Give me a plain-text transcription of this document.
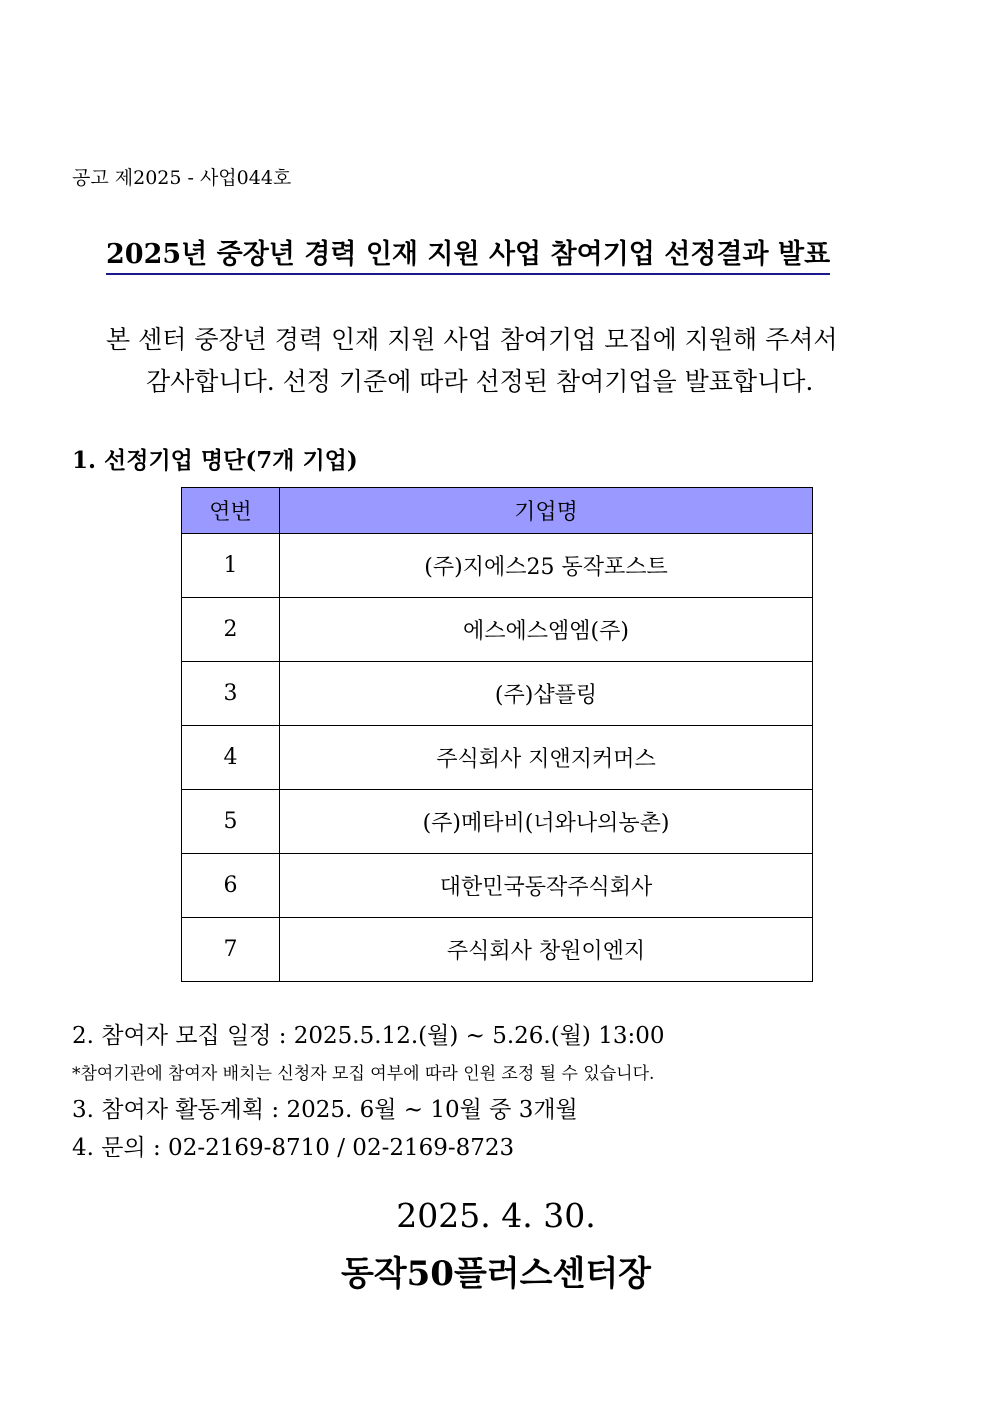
공고 제2025 - 사업044호
2025년 중장년 경력 인재 지원 사업 참여기업 선정결과 발표
본 센터 중장년 경력 인재 지원 사업 참여기업 모집에 지원해 주셔서
감사합니다. 선정 기준에 따라 선정된 참여기업을 발표합니다.
1. 선정기업 명단(7개 기업)
연번	기업명
1	(주)지에스25 동작포스트
2	에스에스엠엠(주)
3	(주)샵플링
4	주식회사 지앤지커머스
5	(주)메타비(너와나의농촌)
6	대한민국동작주식회사
7	주식회사 창원이엔지
2. 참여자 모집 일정 : 2025.5.12.(월) ~ 5.26.(월) 13:00
*참여기관에 참여자 배치는 신청자 모집 여부에 따라 인원 조정 될 수 있습니다.
3. 참여자 활동계획 : 2025. 6월 ~ 10월 중 3개월
4. 문의 : 02-2169-8710 / 02-2169-8723
2025. 4. 30.
동작50플러스센터장
